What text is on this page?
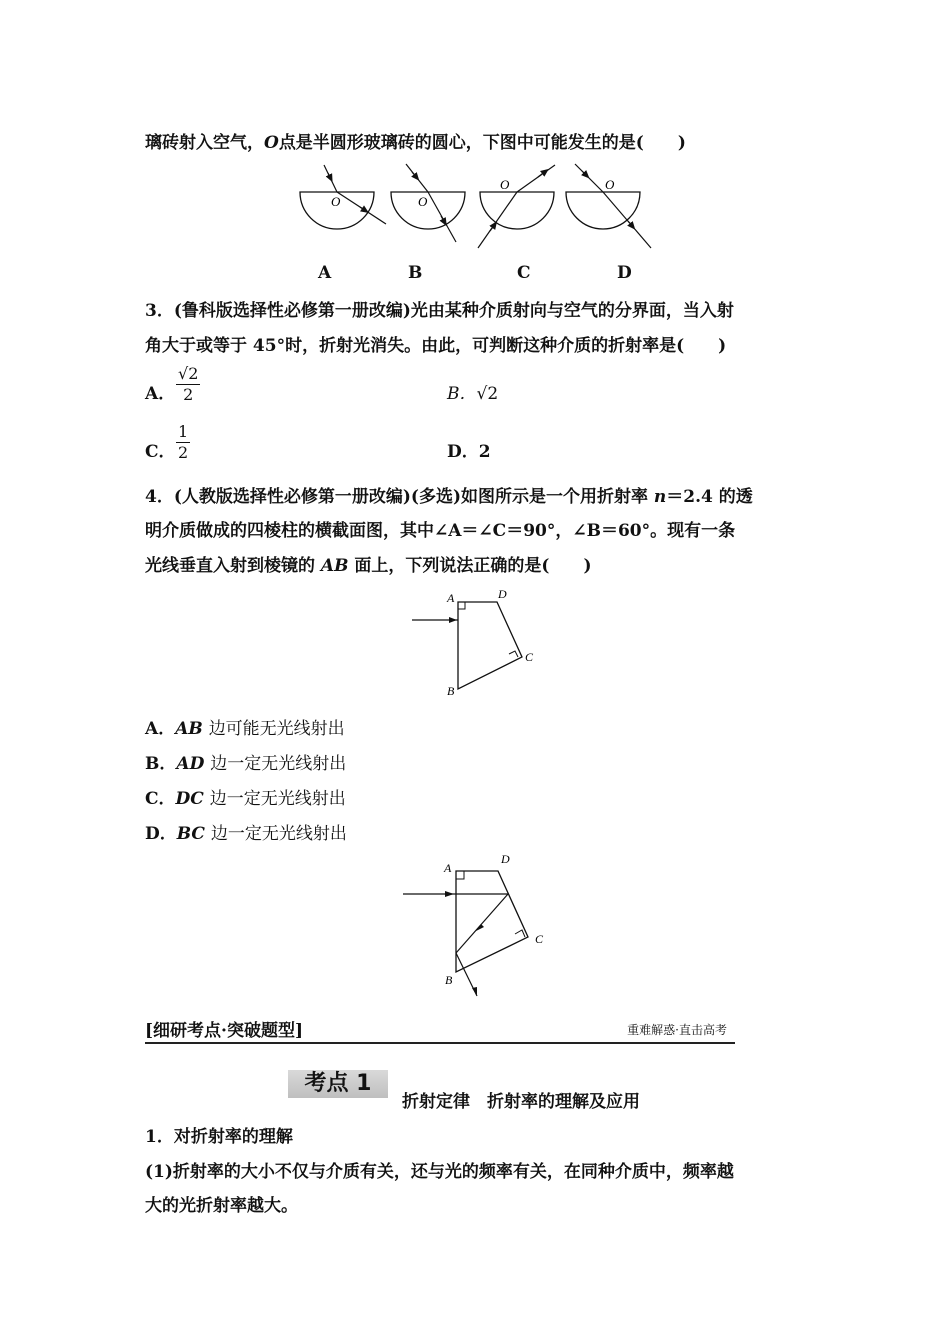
璃砖射入空气，O点是半圆形玻璃砖的圆心，下图中可能发生的是(　　)
O	O
O	O
A	B	C	D
3．(鲁科版选择性必修第一册改编)光由某种介质射向与空气的分界面，当入射
角大于或等于 45°时，折射光消失。由此，可判断这种介质的折射率是(　　)
A． $\frac{√2}{2}$	B．√2
C． $\frac{1}{2}$	D．2
4．(人教版选择性必修第一册改编)(多选)如图所示是一个用折射率 n＝2.4 的透
明介质做成的四棱柱的横截面图，其中∠A＝∠C＝90°，∠B＝60°。现有一条
光线垂直入射到棱镜的 AB 面上，下列说法正确的是(　　)
A
B
C
D
A．AB 边可能无光线射出
B．AD 边一定无光线射出
C．DC 边一定无光线射出
D．BC 边一定无光线射出
A
B
C
D
[细研考点·突破题型]	重难解惑·直击高考
考点 1
折射定律　折射率的理解及应用
1．对折射率的理解
(1)折射率的大小不仅与介质有关，还与光的频率有关，在同种介质中，频率越
大的光折射率越大。
